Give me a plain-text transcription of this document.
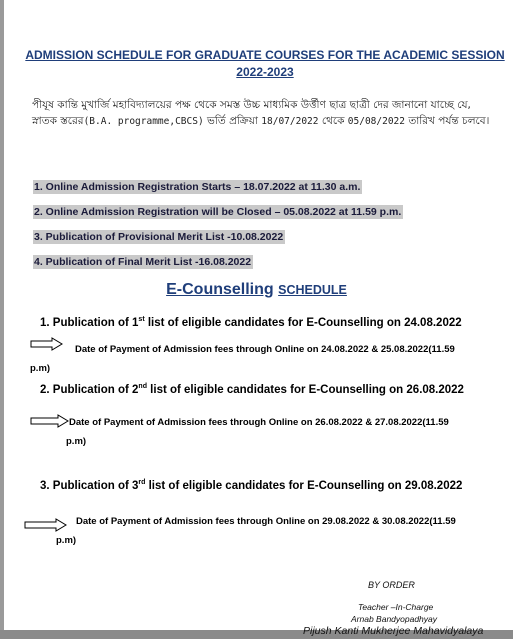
ADMISSION SCHEDULE FOR GRADUATE COURSES FOR THE ACADEMIC SESSION
2022-2023
পীযূষ কান্তি মুখার্জি মহাবিদ্যালয়ের পক্ষ থেকে সমস্ত উচ্চ মাধ্যমিক উর্ত্তীণ ছাত্র ছাত্রী দের জানানো যাচ্ছে যে, স্নাতক স্তরের(B.A. programme,CBCS) ভর্তি প্রক্রিয়া 18/07/2022 থেকে 05/08/2022 তারিখ পর্যন্ত চলবে।
1. Online Admission Registration Starts – 18.07.2022 at 11.30 a.m.
2. Online Admission Registration will be Closed – 05.08.2022 at 11.59 p.m.
3. Publication of Provisional Merit List -10.08.2022
4. Publication of Final Merit List -16.08.2022
E-Counselling SCHEDULE
1. Publication of 1st list of eligible candidates for E-Counselling on 24.08.2022
Date of Payment of Admission fees through Online on 24.08.2022 & 25.08.2022(11.59
p.m)
2. Publication of 2nd list of eligible candidates for E-Counselling on 26.08.2022
Date of Payment of Admission fees through Online on 26.08.2022 & 27.08.2022(11.59
p.m)
3. Publication of 3rd list of eligible candidates for E-Counselling on 29.08.2022
Date of Payment of Admission fees through Online on 29.08.2022 & 30.08.2022(11.59
p.m)
BY ORDER
Teacher –In-Charge
Arnab Bandyopadhyay
Pijush Kanti Mukherjee Mahavidyalaya
